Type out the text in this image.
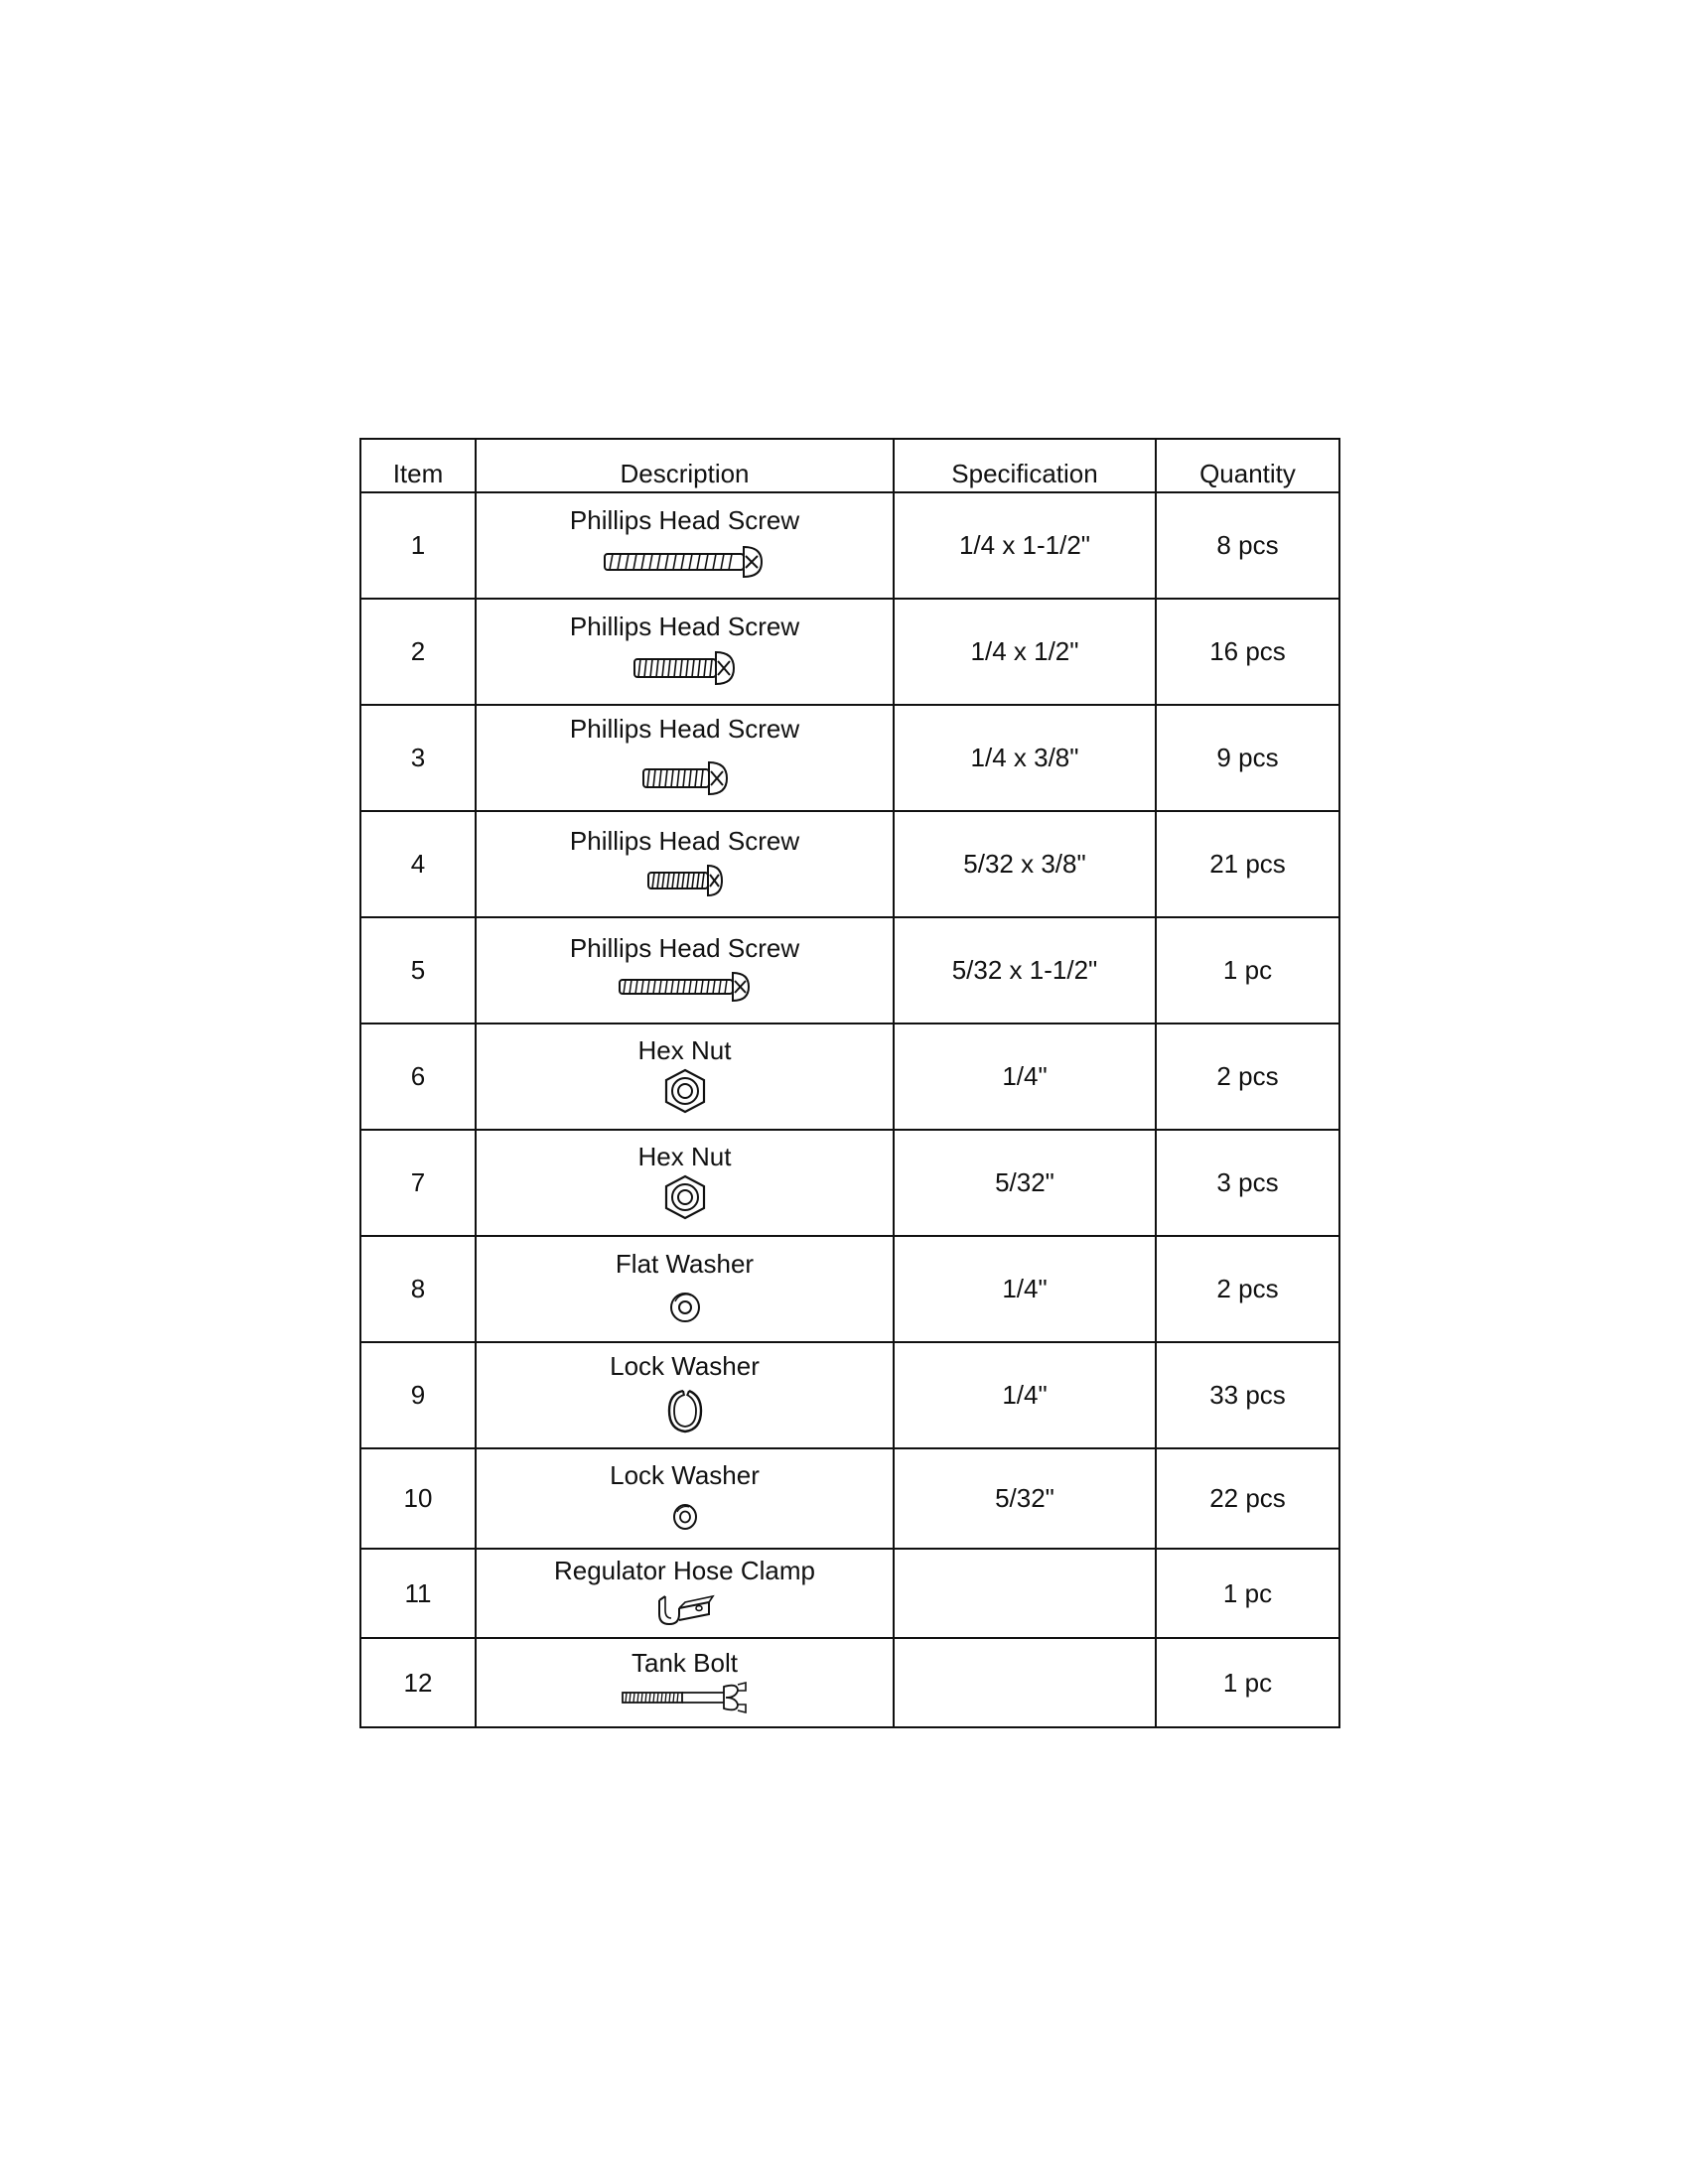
Item	Description	Specification	Quantity
1	Phillips Head Screw	1/4 x 1-1/2"	8 pcs
2	Phillips Head Screw	1/4 x 1/2"	16 pcs
3	Phillips Head Screw	1/4 x 3/8"	9 pcs
4	Phillips Head Screw	5/32 x 3/8"	21 pcs
5	Phillips Head Screw	5/32 x 1-1/2"	1 pc
6	Hex Nut	1/4"	2 pcs
7	Hex Nut	5/32"	3 pcs
8	Flat Washer	1/4"	2 pcs
9	Lock Washer	1/4"	33 pcs
10	Lock Washer	5/32"	22 pcs
11	Regulator Hose Clamp		1 pc
12	Tank Bolt		1 pc
